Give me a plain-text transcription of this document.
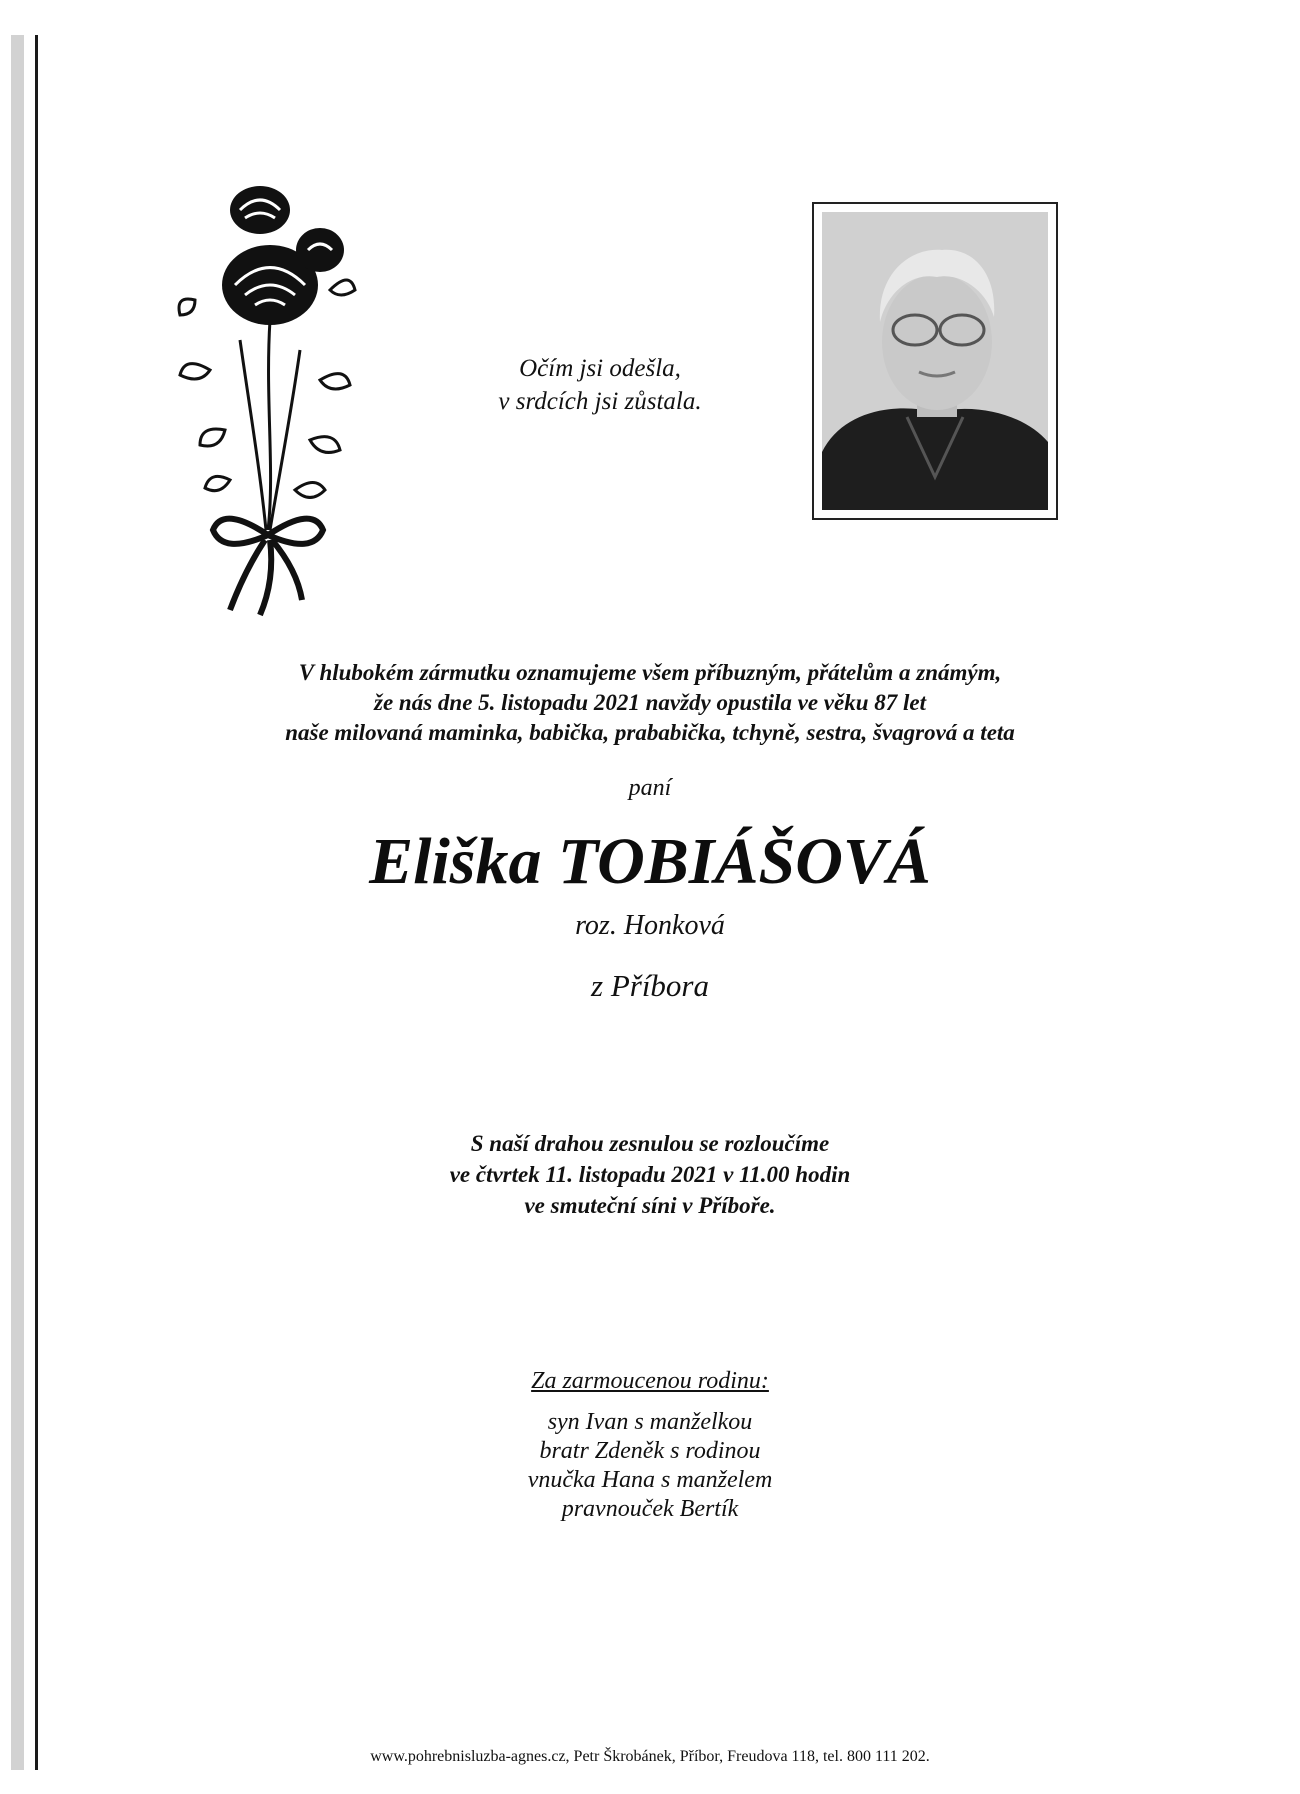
Očím jsi odešla,
v srdcích jsi zůstala.
V hlubokém zármutku oznamujeme všem příbuzným, přátelům a známým,
že nás dne 5. listopadu 2021 navždy opustila ve věku 87 let
naše milovaná maminka, babička, prababička, tchyně, sestra, švagrová a teta
paní
Eliška TOBIÁŠOVÁ
roz. Honková
z Příbora
S naší drahou zesnulou se rozloučíme
ve čtvrtek 11. listopadu 2021 v 11.00 hodin
ve smuteční síni v Příboře.
Za zarmoucenou rodinu:
syn Ivan s manželkou
bratr Zdeněk s rodinou
vnučka Hana s manželem
pravnouček Bertík
www.pohrebnisluzba-agnes.cz, Petr Škrobánek, Příbor, Freudova 118, tel. 800 111 202.
